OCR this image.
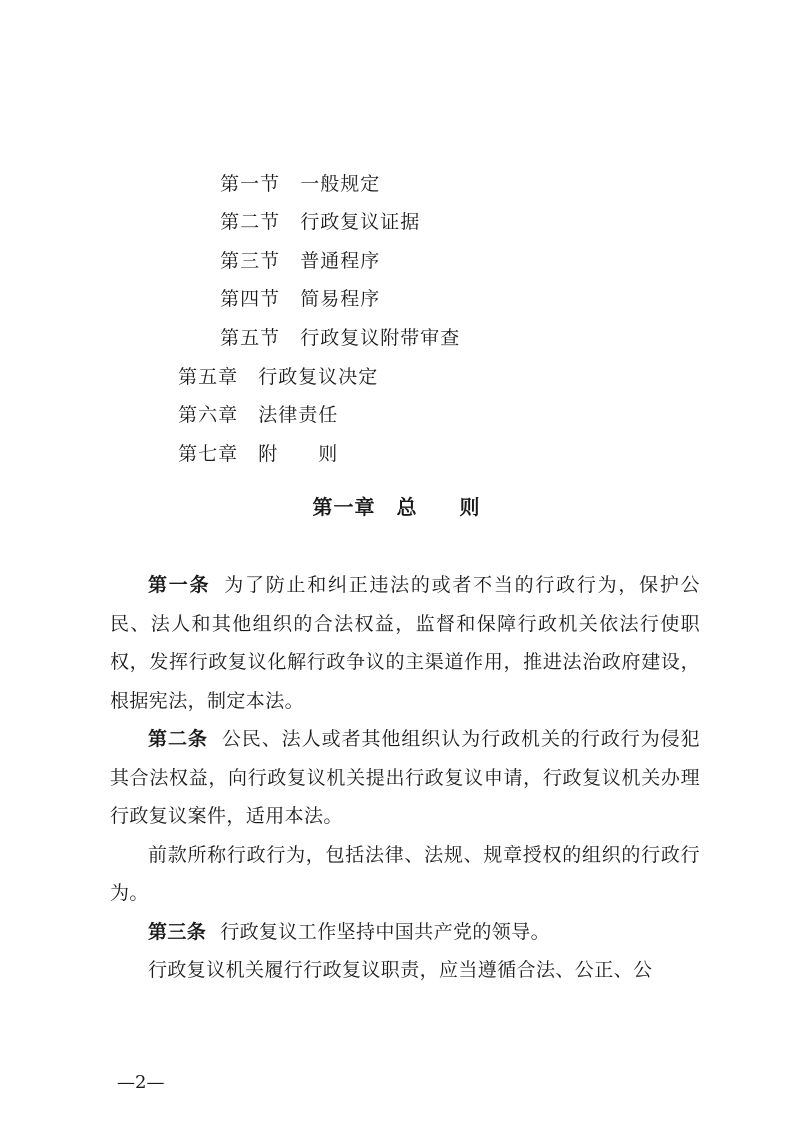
第一节　 一般规定

第二节　 行政复议证据

第三节　 普通程序

第四节　 简易程序

第五节　 行政复议附带审查

第五章　 行政复议决定

第六章　 法律责任

第七章　 附　　则

第一章　总　　则

第一条 为了防止和纠正违法的或者不当的行政行为，保护公民、法人和其他组织的合法权益，监督和保障行政机关依法行使职权，发挥行政复议化解行政争议的主渠道作用，推进法治政府建设，根据宪法，制定本法。

第二条 公民、法人或者其他组织认为行政机关的行政行为侵犯其合法权益，向行政复议机关提出行政复议申请，行政复议机关办理行政复议案件，适用本法。

前款所称行政行为，包括法律、法规、规章授权的组织的行政行为。

第三条 行政复议工作坚持中国共产党的领导。

行政复议机关履行行政复议职责，应当遵循合法、公正、公

—2—
